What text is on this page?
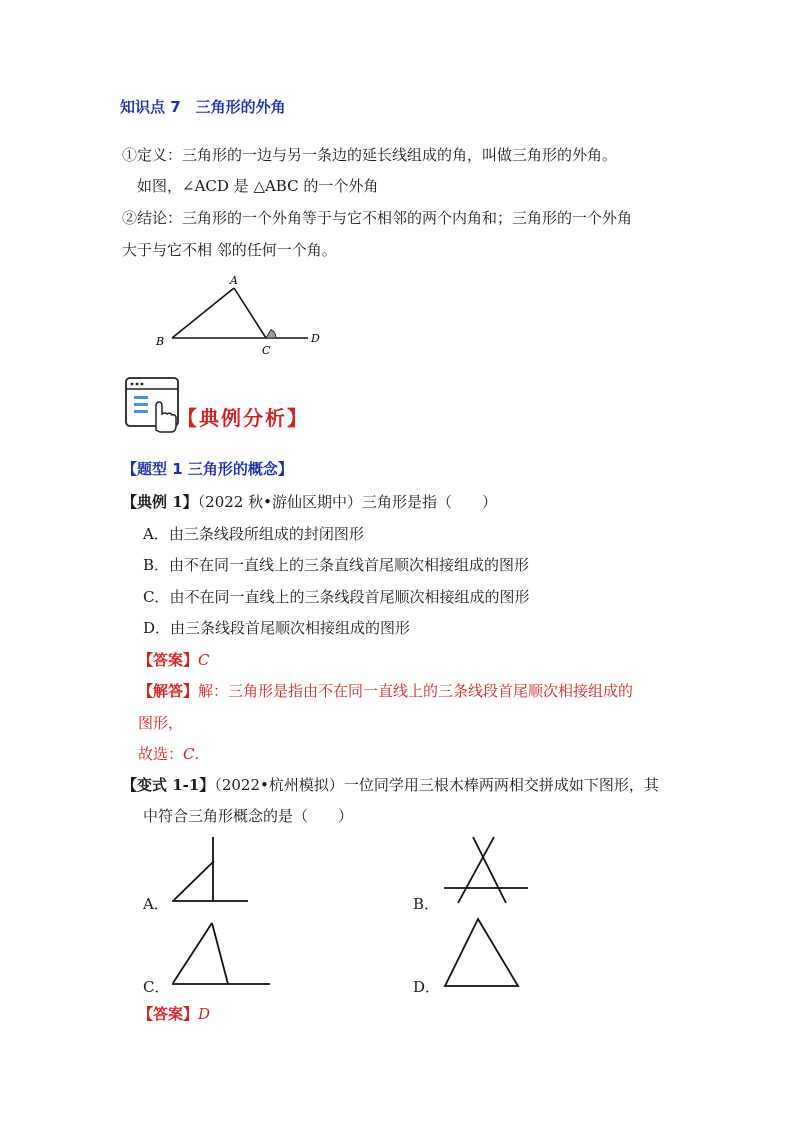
知识点 7　三角形的外角
①定义：三角形的一边与另一条边的延长线组成的角，叫做三角形的外角。
如图，∠ACD 是 △ABC 的一个外角
②结论：三角形的一个外角等于与它不相邻的两个内角和；三角形的一个外角
大于与它不相 邻的任何一个角。
A
B
C
D
【典例分析】
【题型 1 三角形的概念】
【典例 1】（2022 秋•游仙区期中）三角形是指（　　）
A．由三条线段所组成的封闭图形
B．由不在同一直线上的三条直线首尾顺次相接组成的图形
C．由不在同一直线上的三条线段首尾顺次相接组成的图形
D．由三条线段首尾顺次相接组成的图形
【答案】C
【解答】解：三角形是指由不在同一直线上的三条线段首尾顺次相接组成的
图形，
故选：C.
【变式 1-1】（2022•杭州模拟）一位同学用三根木棒两两相交拼成如下图形，其
中符合三角形概念的是（　　）
A．	B．
C．	D．
【答案】D
